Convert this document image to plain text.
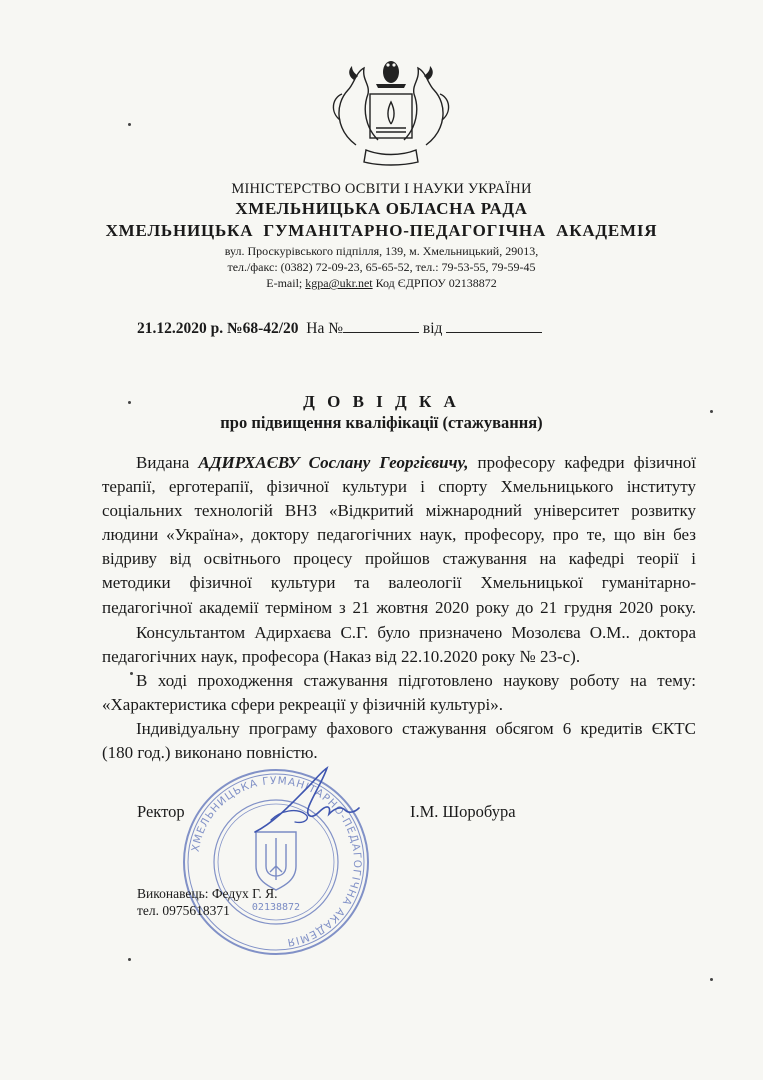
МІНІСТЕРСТВО ОСВІТИ І НАУКИ УКРАЇНИ
ХМЕЛЬНИЦЬКА ОБЛАСНА РАДА
ХМЕЛЬНИЦЬКА  ГУМАНІТАРНО-ПЕДАГОГІЧНА  АКАДЕМІЯ
вул. Проскурівського підпілля, 139, м. Хмельницький, 29013,
тел./факс: (0382) 72-09-23, 65-65-52, тел.: 79-53-55, 79-59-45
E-mail; kgpa@ukr.net Код ЄДРПОУ 02138872
21.12.2020 р. №68-42/20 На №	від
Д О В І Д К А
про підвищення кваліфікації (стажування)
Видана АДИРХАЄВУ Сослану Георгієвичу, професору кафедри фізичної
терапії, ерготерапії, фізичної культури і спорту Хмельницького інституту
соціальних технологій ВНЗ «Відкритий міжнародний університет розвитку
людини «Україна», доктору педагогічних наук, професору, про те, що він без
відриву від освітнього процесу пройшов стажування на кафедрі теорії і
методики фізичної культури та валеології Хмельницької гуманітарно-
педагогічної академії терміном з 21 жовтня 2020 року до 21 грудня 2020 року.
Консультантом Адирхаєва С.Г. було призначено Мозолєва О.М.. доктора
педагогічних наук, професора (Наказ від 22.10.2020 року № 23-с).
В ході проходження стажування підготовлено наукову роботу на тему:
«Характеристика сфери рекреації у фізичній культурі».
Індивідуальну програму фахового стажування обсягом 6 кредитів ЄКТС
(180 год.) виконано повністю.
ХМЕЛЬНИЦЬКА ГУМАНІТАРНО-ПЕДАГОГІЧНА АКАДЕМІЯ
02138872
Ректор	І.М. Шоробура
Виконавець: Федух Г. Я.
тел. 0975618371
